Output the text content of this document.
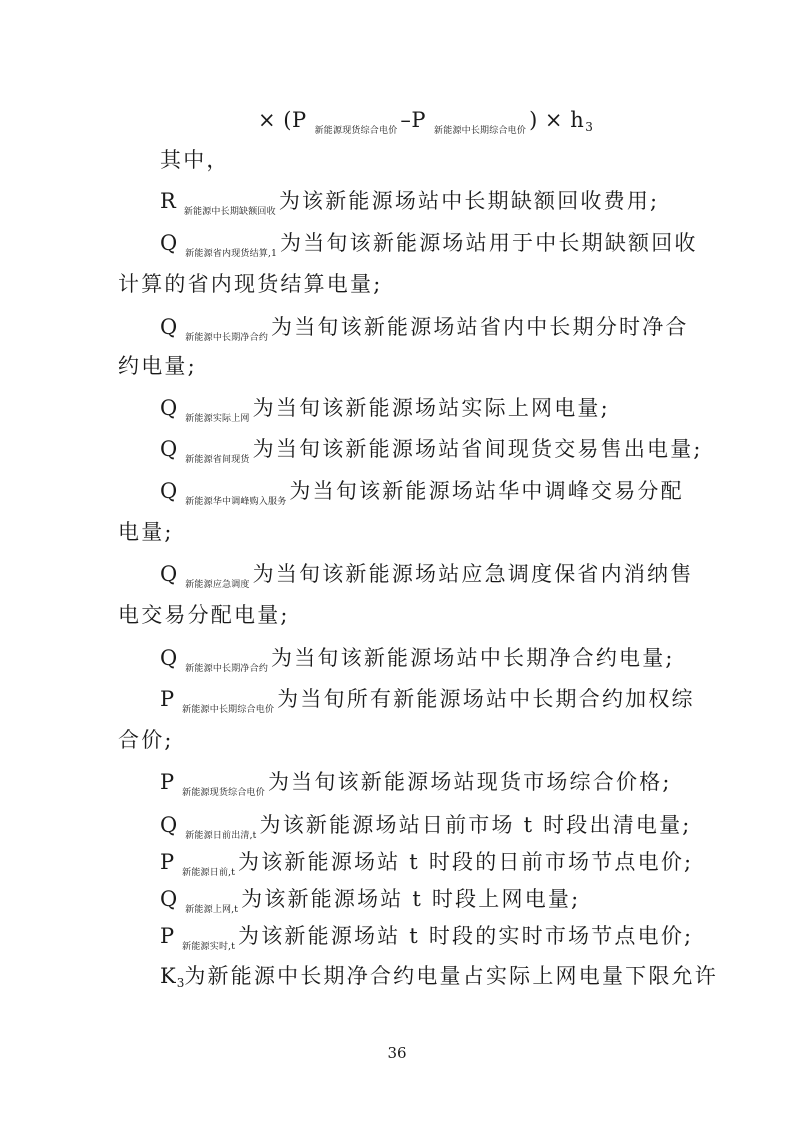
× (P $_{新能源现货综合电价}$ –P $_{新能源中长期综合电价}$ ) × h3
其中，
R $_{新能源中长期缺额回收}$ 为该新能源场站中长期缺额回收费用;
Q $_{新能源省内现货结算,1}$ 为当旬该新能源场站用于中长期缺额回收
计算的省内现货结算电量;
Q $_{新能源中长期净合约}$ 为当旬该新能源场站省内中长期分时净合
约电量;
Q $_{新能源实际上网}$ 为当旬该新能源场站实际上网电量;
Q $_{新能源省间现货}$ 为当旬该新能源场站省间现货交易售出电量;
Q $_{新能源华中调峰购入服务}$ 为当旬该新能源场站华中调峰交易分配
电量;
Q $_{新能源应急调度}$ 为当旬该新能源场站应急调度保省内消纳售
电交易分配电量;
Q $_{新能源中长期净合约}$ 为当旬该新能源场站中长期净合约电量;
P $_{新能源中长期综合电价}$ 为当旬所有新能源场站中长期合约加权综
合价;
P $_{新能源现货综合电价}$ 为当旬该新能源场站现货市场综合价格;
Q $_{新能源日前出清,t}$ 为该新能源场站日前市场 t 时段出清电量;
P $_{新能源日前,t}$ 为该新能源场站 t 时段的日前市场节点电价;
Q $_{新能源上网,t}$ 为该新能源场站 t 时段上网电量;
P $_{新能源实时,t}$ 为该新能源场站 t 时段的实时市场节点电价;
K3为新能源中长期净合约电量占实际上网电量下限允许
36
